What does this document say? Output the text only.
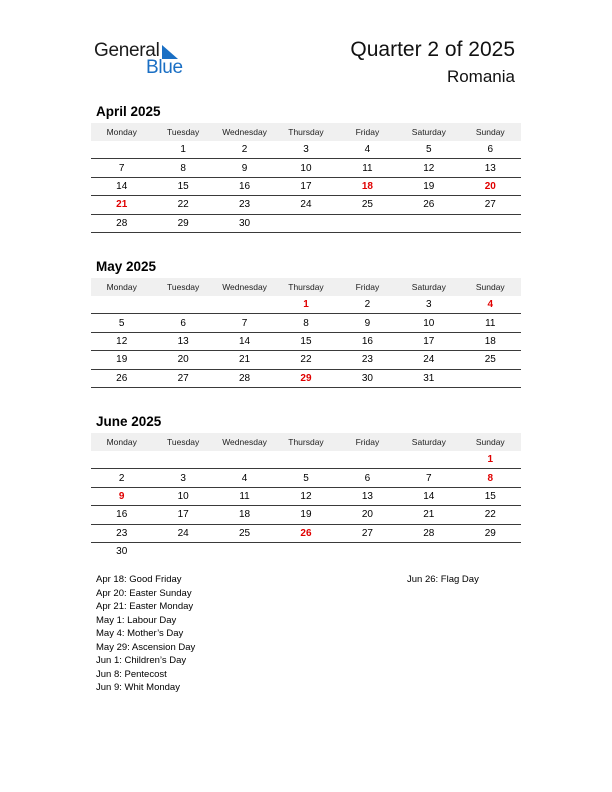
General
Blue
Quarter 2 of 2025
Romania
April 2025
Monday	Tuesday	Wednesday	Thursday	Friday	Saturday	Sunday
	1	2	3	4	5	6
7	8	9	10	11	12	13
14	15	16	17	18	19	20
21	22	23	24	25	26	27
28	29	30				
May 2025
Monday	Tuesday	Wednesday	Thursday	Friday	Saturday	Sunday
			1	2	3	4
5	6	7	8	9	10	11
12	13	14	15	16	17	18
19	20	21	22	23	24	25
26	27	28	29	30	31	
June 2025
Monday	Tuesday	Wednesday	Thursday	Friday	Saturday	Sunday
						1
2	3	4	5	6	7	8
9	10	11	12	13	14	15
16	17	18	19	20	21	22
23	24	25	26	27	28	29
30						
Apr 18: Good Friday
Apr 20: Easter Sunday
Apr 21: Easter Monday
May 1: Labour Day
May 4: Mother’s Day
May 29: Ascension Day
Jun 1: Children’s Day
Jun 8: Pentecost
Jun 9: Whit Monday
Jun 26: Flag Day
